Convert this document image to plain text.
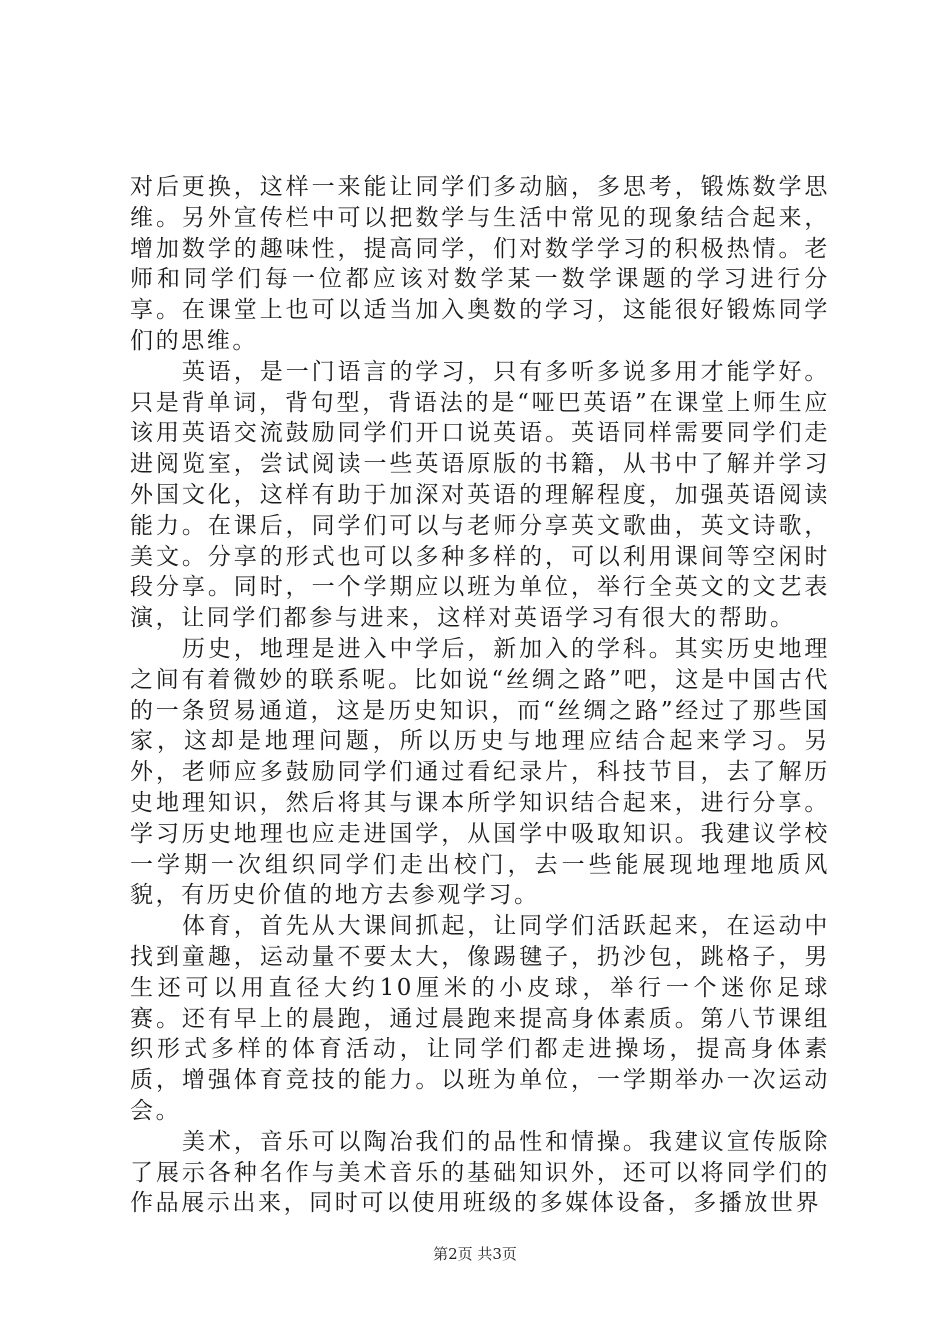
对后更换，这样一来能让同学们多动脑，多思考，锻炼数学思维。另外宣传栏中可以把数学与生活中常见的现象结合起来，增加数学的趣味性，提高同学，们对数学学习的积极热情。老师和同学们每一位都应该对数学某一数学课题的学习进行分享。在课堂上也可以适当加入奥数的学习，这能很好锻炼同学们的思维。

英语，是一门语言的学习，只有多听多说多用才能学好。只是背单词，背句型，背语法的是“哑巴英语”在课堂上师生应该用英语交流鼓励同学们开口说英语。英语同样需要同学们走进阅览室，尝试阅读一些英语原版的书籍，从书中了解并学习外国文化，这样有助于加深对英语的理解程度，加强英语阅读能力。在课后，同学们可以与老师分享英文歌曲，英文诗歌，美文。分享的形式也可以多种多样的，可以利用课间等空闲时段分享。同时，一个学期应以班为单位，举行全英文的文艺表演，让同学们都参与进来，这样对英语学习有很大的帮助。

历史，地理是进入中学后，新加入的学科。其实历史地理之间有着微妙的联系呢。比如说“丝绸之路”吧，这是中国古代的一条贸易通道，这是历史知识，而“丝绸之路”经过了那些国家，这却是地理问题，所以历史与地理应结合起来学习。另外，老师应多鼓励同学们通过看纪录片，科技节目，去了解历史地理知识，然后将其与课本所学知识结合起来，进行分享。学习历史地理也应走进国学，从国学中吸取知识。我建议学校一学期一次组织同学们走出校门，去一些能展现地理地质风貌，有历史价值的地方去参观学习。

体育，首先从大课间抓起，让同学们活跃起来，在运动中找到童趣，运动量不要太大，像踢毽子，扔沙包，跳格子，男生还可以用直径大约10厘米的小皮球，举行一个迷你足球赛。还有早上的晨跑，通过晨跑来提高身体素质。第八节课组织形式多样的体育活动，让同学们都走进操场，提高身体素质，增强体育竞技的能力。以班为单位，一学期举办一次运动会。

美术，音乐可以陶冶我们的品性和情操。我建议宣传版除了展示各种名作与美术音乐的基础知识外，还可以将同学们的作品展示出来，同时可以使用班级的多媒体设备，多播放世界

第2页 共3页
